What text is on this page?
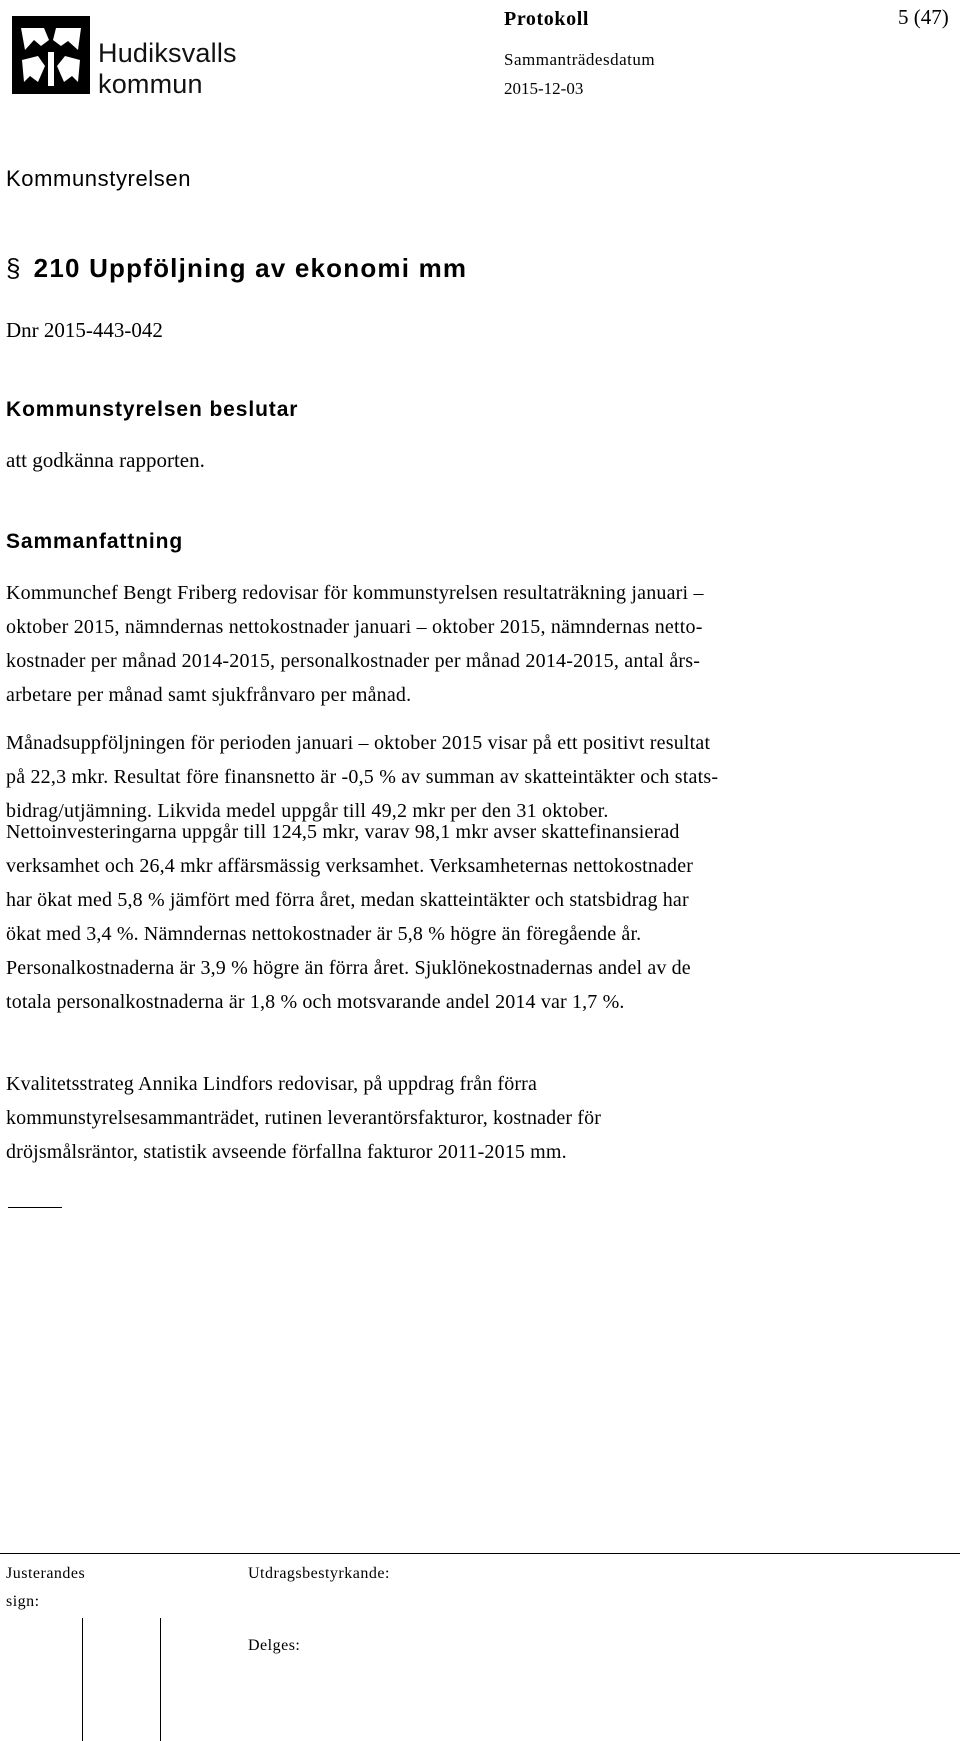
Hudiksvalls
kommun
Protokoll	5 (47)
Sammanträdesdatum
2015-12-03
Kommunstyrelsen
§ 210 Uppföljning av ekonomi mm
Dnr 2015-443-042
Kommunstyrelsen beslutar
att godkänna rapporten.
Sammanfattning
Kommunchef Bengt Friberg redovisar för kommunstyrelsen resultaträkning januari –
oktober 2015, nämndernas nettokostnader januari – oktober 2015, nämndernas netto-
kostnader per månad 2014-2015, personalkostnader per månad 2014-2015, antal års-
arbetare per månad samt sjukfrånvaro per månad.
Månadsuppföljningen för perioden januari – oktober 2015 visar på ett positivt resultat
på 22,3 mkr. Resultat före finansnetto är -0,5 % av summan av skatteintäkter och stats-
bidrag/utjämning. Likvida medel uppgår till 49,2 mkr per den 31 oktober.
Nettoinvesteringarna uppgår till 124,5 mkr, varav 98,1 mkr avser skattefinansierad
verksamhet och 26,4 mkr affärsmässig verksamhet. Verksamheternas nettokostnader
har ökat med 5,8 % jämfört med förra året, medan skatteintäkter och statsbidrag har
ökat med 3,4 %. Nämndernas nettokostnader är 5,8 % högre än föregående år.
Personalkostnaderna är 3,9 % högre än förra året. Sjuklönekostnadernas andel av de
totala personalkostnaderna är 1,8 % och motsvarande andel 2014 var 1,7 %.
Kvalitetsstrateg Annika Lindfors redovisar, på uppdrag från förra
kommunstyrelsesammanträdet, rutinen leverantörsfakturor, kostnader för
dröjsmålsräntor, statistik avseende förfallna fakturor 2011-2015 mm.
Justerandes
sign:
Utdragsbestyrkande:
Delges:
